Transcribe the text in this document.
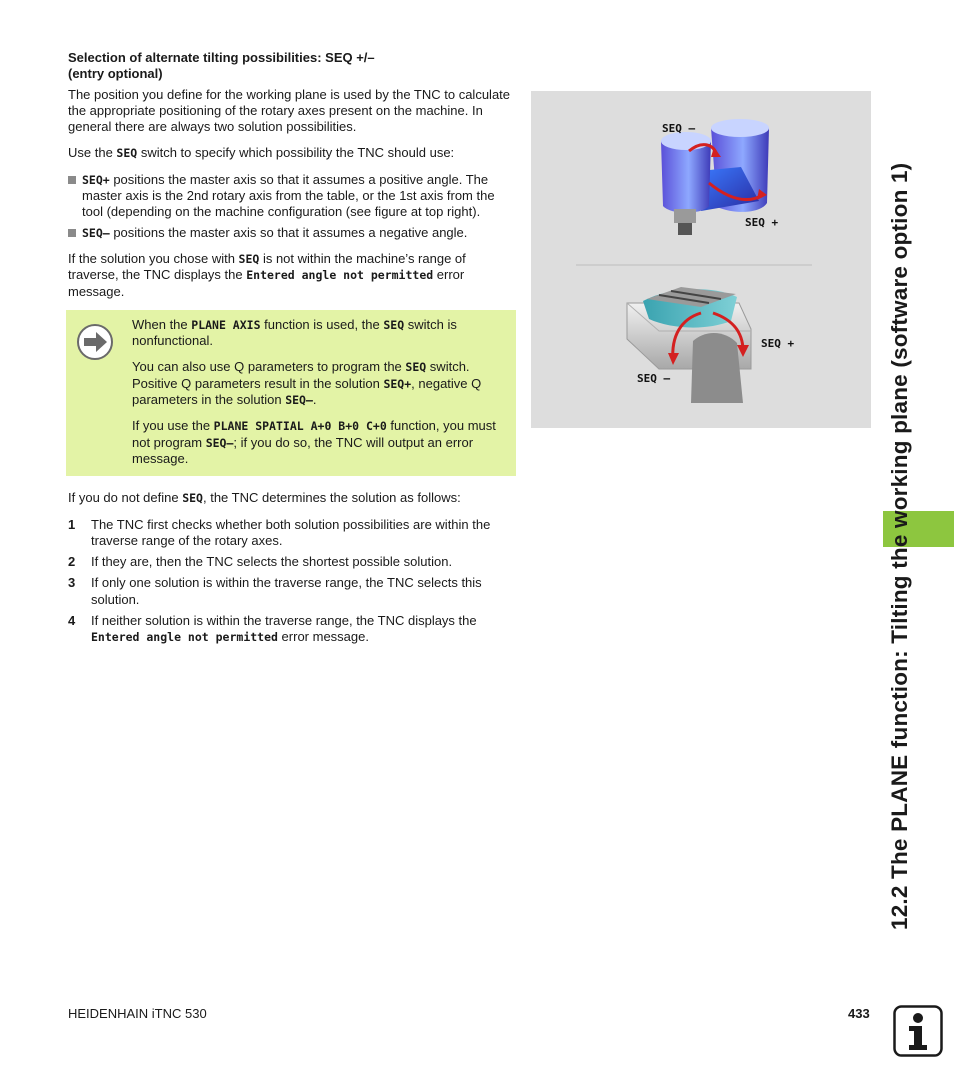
Selection of alternate tilting possibilities: SEQ +/–
(entry optional)

The position you define for the working plane is used by the TNC to calculate the appropriate positioning of the rotary axes present on the machine. In general there are always two solution possibilities.

Use the SEQ switch to specify which possibility the TNC should use:

SEQ+ positions the master axis so that it assumes a positive angle. The master axis is the 2nd rotary axis from the table, or the 1st axis from the tool (depending on the machine configuration (see figure at top right).
SEQ– positions the master axis so that it assumes a negative angle.

If the solution you chose with SEQ is not within the machine’s range of traverse, the TNC displays the Entered angle not permitted error message.

When the PLANE AXIS function is used, the SEQ switch is nonfunctional.

You can also use Q parameters to program the SEQ switch. Positive Q parameters result in the solution SEQ+, negative Q parameters in the solution SEQ–.

If you use the PLANE SPATIAL A+0 B+0 C+0 function, you must not program SEQ–; if you do so, the TNC will output an error message.

If you do not define SEQ, the TNC determines the solution as follows:

1 The TNC first checks whether both solution possibilities are within the traverse range of the rotary axes.
2 If they are, then the TNC selects the shortest possible solution.
3 If only one solution is within the traverse range, the TNC selects this solution.
4 If neither solution is within the traverse range, the TNC displays the Entered angle not permitted error message.
SEQ –
SEQ +
SEQ +
SEQ –	12.2 The PLANE function: Tilting the working plane (software option 1)
HEIDENHAIN iTNC 530	433
